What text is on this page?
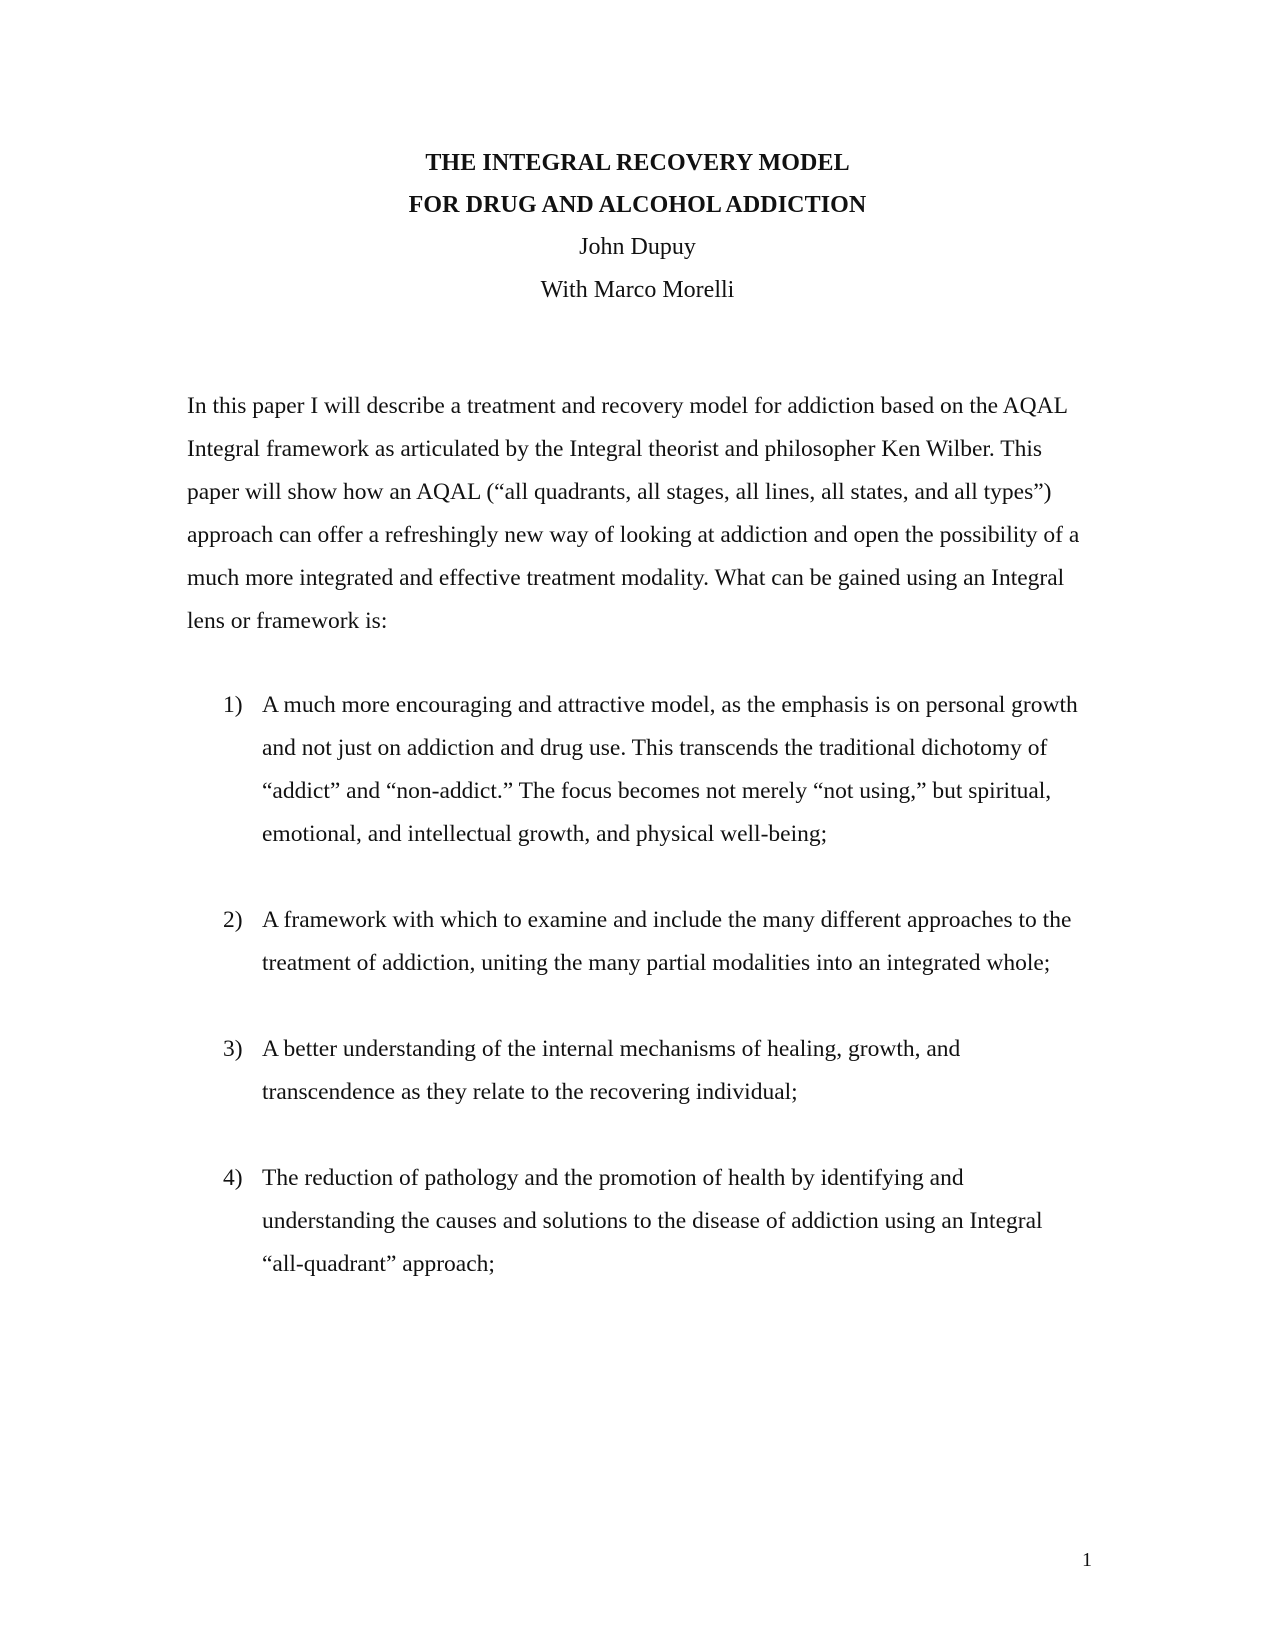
THE INTEGRAL RECOVERY MODEL
FOR DRUG AND ALCOHOL ADDICTION
John Dupuy
With Marco Morelli

In this paper I will describe a treatment and recovery model for addiction based on the AQAL Integral framework as articulated by the Integral theorist and philosopher Ken Wilber. This paper will show how an AQAL (“all quadrants, all stages, all lines, all states, and all types”) approach can offer a refreshingly new way of looking at addiction and open the possibility of a much more integrated and effective treatment modality. What can be gained using an Integral lens or framework is:

1) A much more encouraging and attractive model, as the emphasis is on personal growth and not just on addiction and drug use. This transcends the traditional dichotomy of “addict” and “non-addict.” The focus becomes not merely “not using,” but spiritual, emotional, and intellectual growth, and physical well-being;
2) A framework with which to examine and include the many different approaches to the treatment of addiction, uniting the many partial modalities into an integrated whole;
3) A better understanding of the internal mechanisms of healing, growth, and transcendence as they relate to the recovering individual;
4) The reduction of pathology and the promotion of health by identifying and understanding the causes and solutions to the disease of addiction using an Integral “all-quadrant” approach;
1
